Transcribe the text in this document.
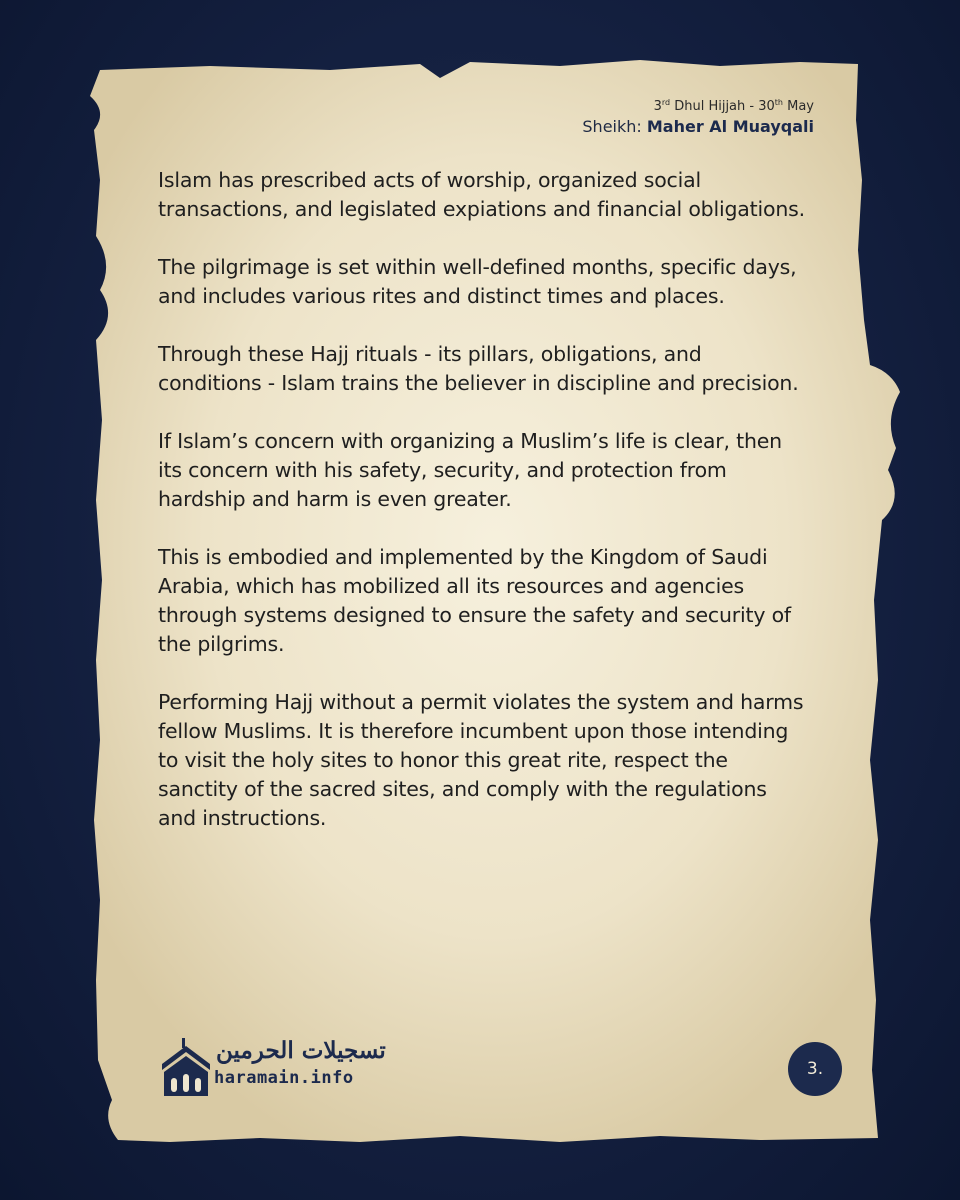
3rd Dhul Hijjah - 30th May
Sheikh: Maher Al Muayqali

Islam has prescribed acts of worship, organized social transactions, and legislated expiations and financial obligations.

The pilgrimage is set within well-defined months, specific days, and includes various rites and distinct times and places.

Through these Hajj rituals - its pillars, obligations, and conditions - Islam trains the believer in discipline and precision.

If Islam’s concern with organizing a Muslim’s life is clear, then its concern with his safety, security, and protection from hardship and harm is even greater.

This is embodied and implemented by the Kingdom of Saudi Arabia, which has mobilized all its resources and agencies through systems designed to ensure the safety and security of the pilgrims.

Performing Hajj without a permit violates the system and harms fellow Muslims. It is therefore incumbent upon those intending to visit the holy sites to honor this great rite, respect the sanctity of the sacred sites, and comply with the regulations and instructions.

تسجيلات الحرمين
haramain.info	3.
